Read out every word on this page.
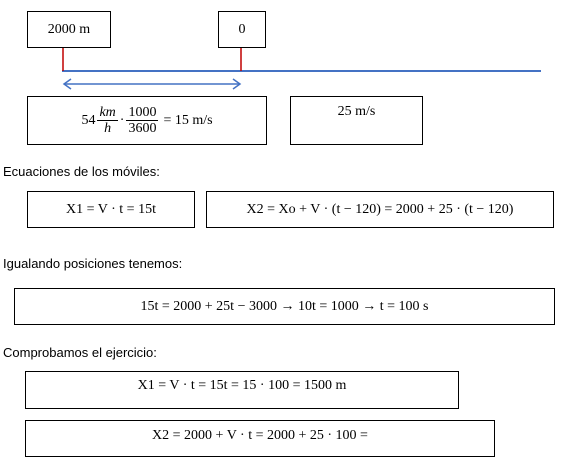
2000 m	0
$54 \frac{km}{h} \cdot \frac{1000}{3600} = 15$ m/s
25 m/s
Ecuaciones de los móviles:
X1 = V · t = 15t	X2 = Xo + V · (t − 120) = 2000 + 25 · (t − 120)
Igualando posiciones tenemos:
15t = 2000 + 25t − 3000 → 10t = 1000 → t = 100 s
Comprobamos el ejercicio:
X1 = V · t = 15t = 15 · 100 = 1500 m
X2 = 2000 + V · t = 2000 + 25 · 100 =
